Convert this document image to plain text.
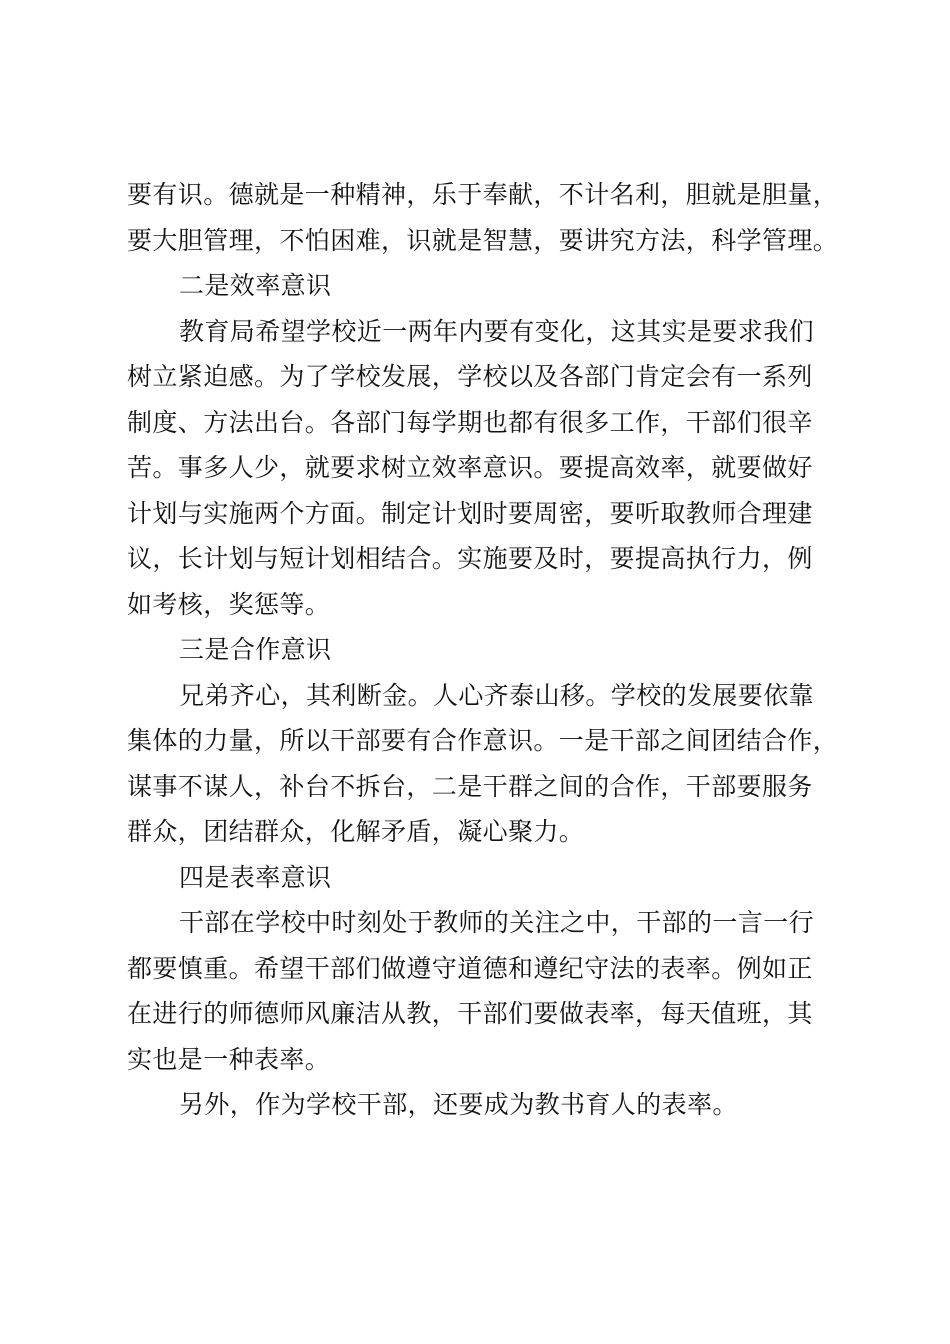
要有识。德就是一种精神，乐于奉献，不计名利，胆就是胆量，
要大胆管理，不怕困难，识就是智慧，要讲究方法，科学管理。
二是效率意识
教育局希望学校近一两年内要有变化，这其实是要求我们
树立紧迫感。为了学校发展，学校以及各部门肯定会有一系列
制度、方法出台。各部门每学期也都有很多工作，干部们很辛
苦。事多人少，就要求树立效率意识。要提高效率，就要做好
计划与实施两个方面。制定计划时要周密，要听取教师合理建
议，长计划与短计划相结合。实施要及时，要提高执行力，例
如考核，奖惩等。
三是合作意识
兄弟齐心，其利断金。人心齐泰山移。学校的发展要依靠
集体的力量，所以干部要有合作意识。一是干部之间团结合作，
谋事不谋人，补台不拆台，二是干群之间的合作，干部要服务
群众，团结群众，化解矛盾，凝心聚力。
四是表率意识
干部在学校中时刻处于教师的关注之中，干部的一言一行
都要慎重。希望干部们做遵守道德和遵纪守法的表率。例如正
在进行的师德师风廉洁从教，干部们要做表率，每天值班，其
实也是一种表率。
另外，作为学校干部，还要成为教书育人的表率。
